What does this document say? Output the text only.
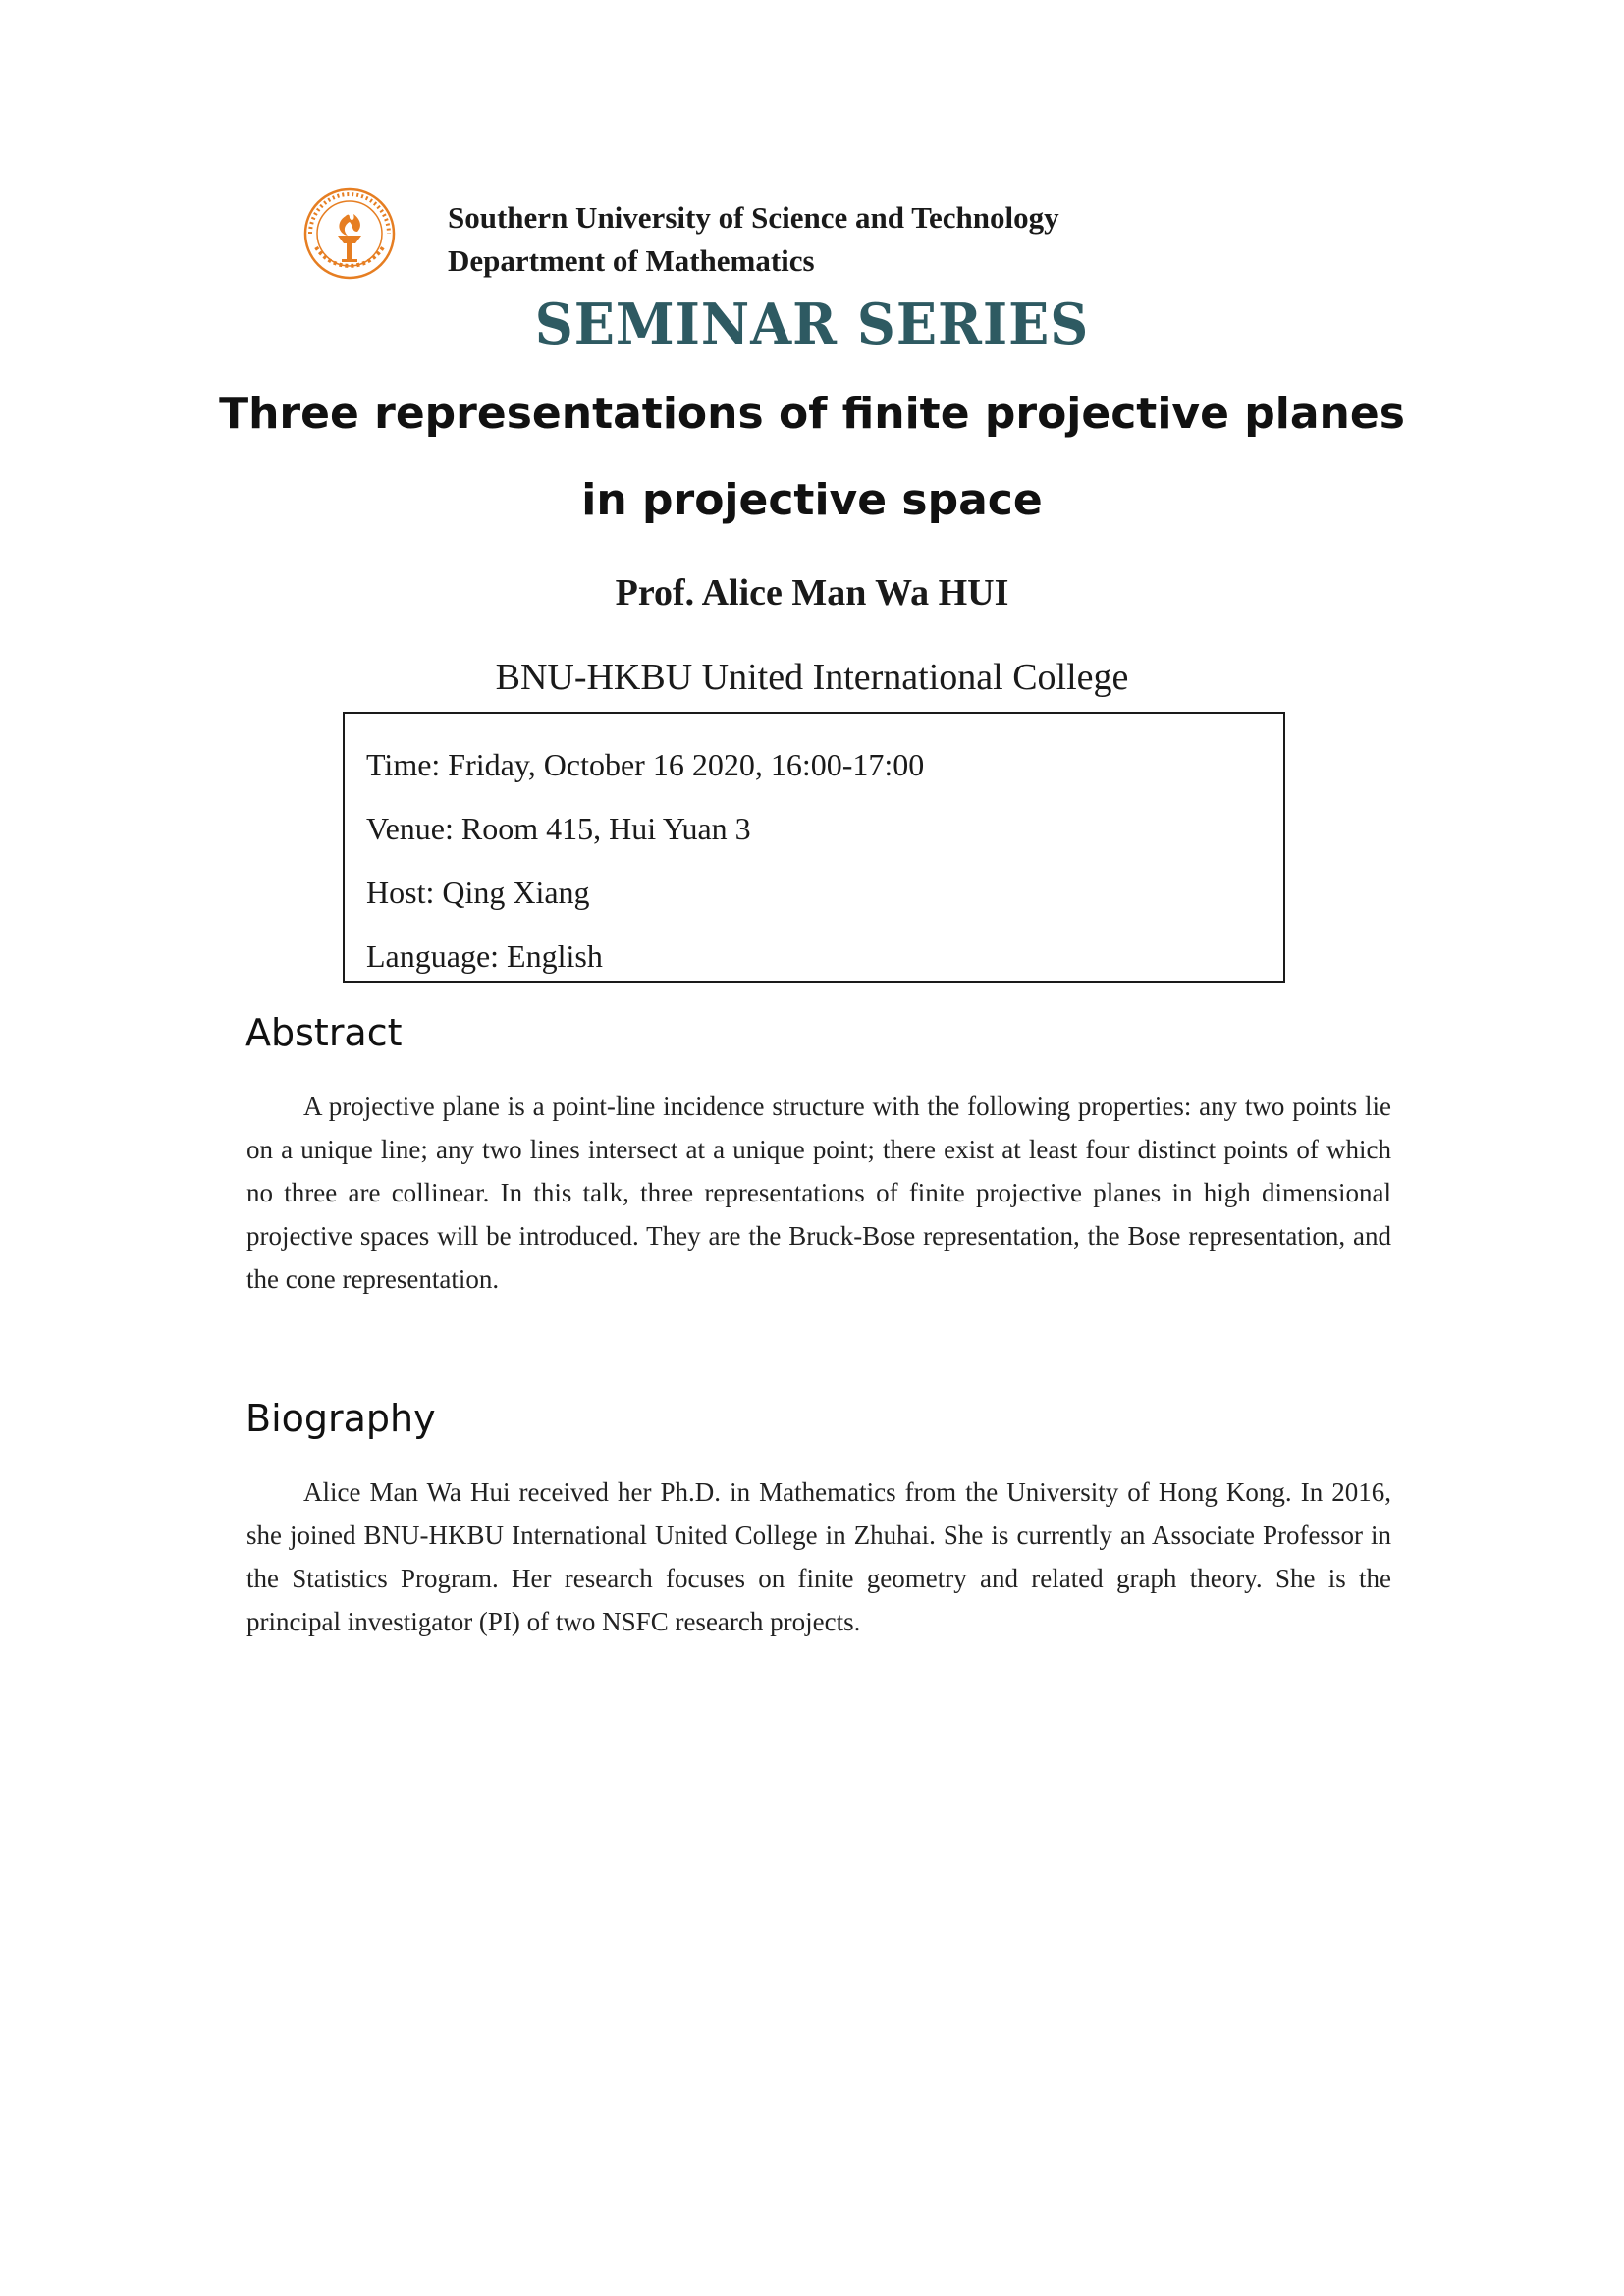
Southern University of Science and Technology
Department of Mathematics
SEMINAR SERIES
Three representations of finite projective planes
in projective space
Prof. Alice Man Wa HUI
BNU-HKBU United International College
Time: Friday, October 16 2020, 16:00-17:00
Venue: Room 415, Hui Yuan 3
Host: Qing Xiang
Language: English
Abstract
A projective plane is a point-line incidence structure with the following properties: any two points lie on a unique line; any two lines intersect at a unique point; there exist at least four distinct points of which no three are collinear. In this talk, three representations of finite projective planes in high dimensional projective spaces will be introduced. They are the Bruck-Bose representation, the Bose representation, and the cone representation.
Biography
Alice Man Wa Hui received her Ph.D. in Mathematics from the University of Hong Kong. In 2016, she joined BNU-HKBU International United College in Zhuhai. She is currently an Associate Professor in the Statistics Program. Her research focuses on finite geometry and related graph theory. She is the principal investigator (PI) of two NSFC research projects.
